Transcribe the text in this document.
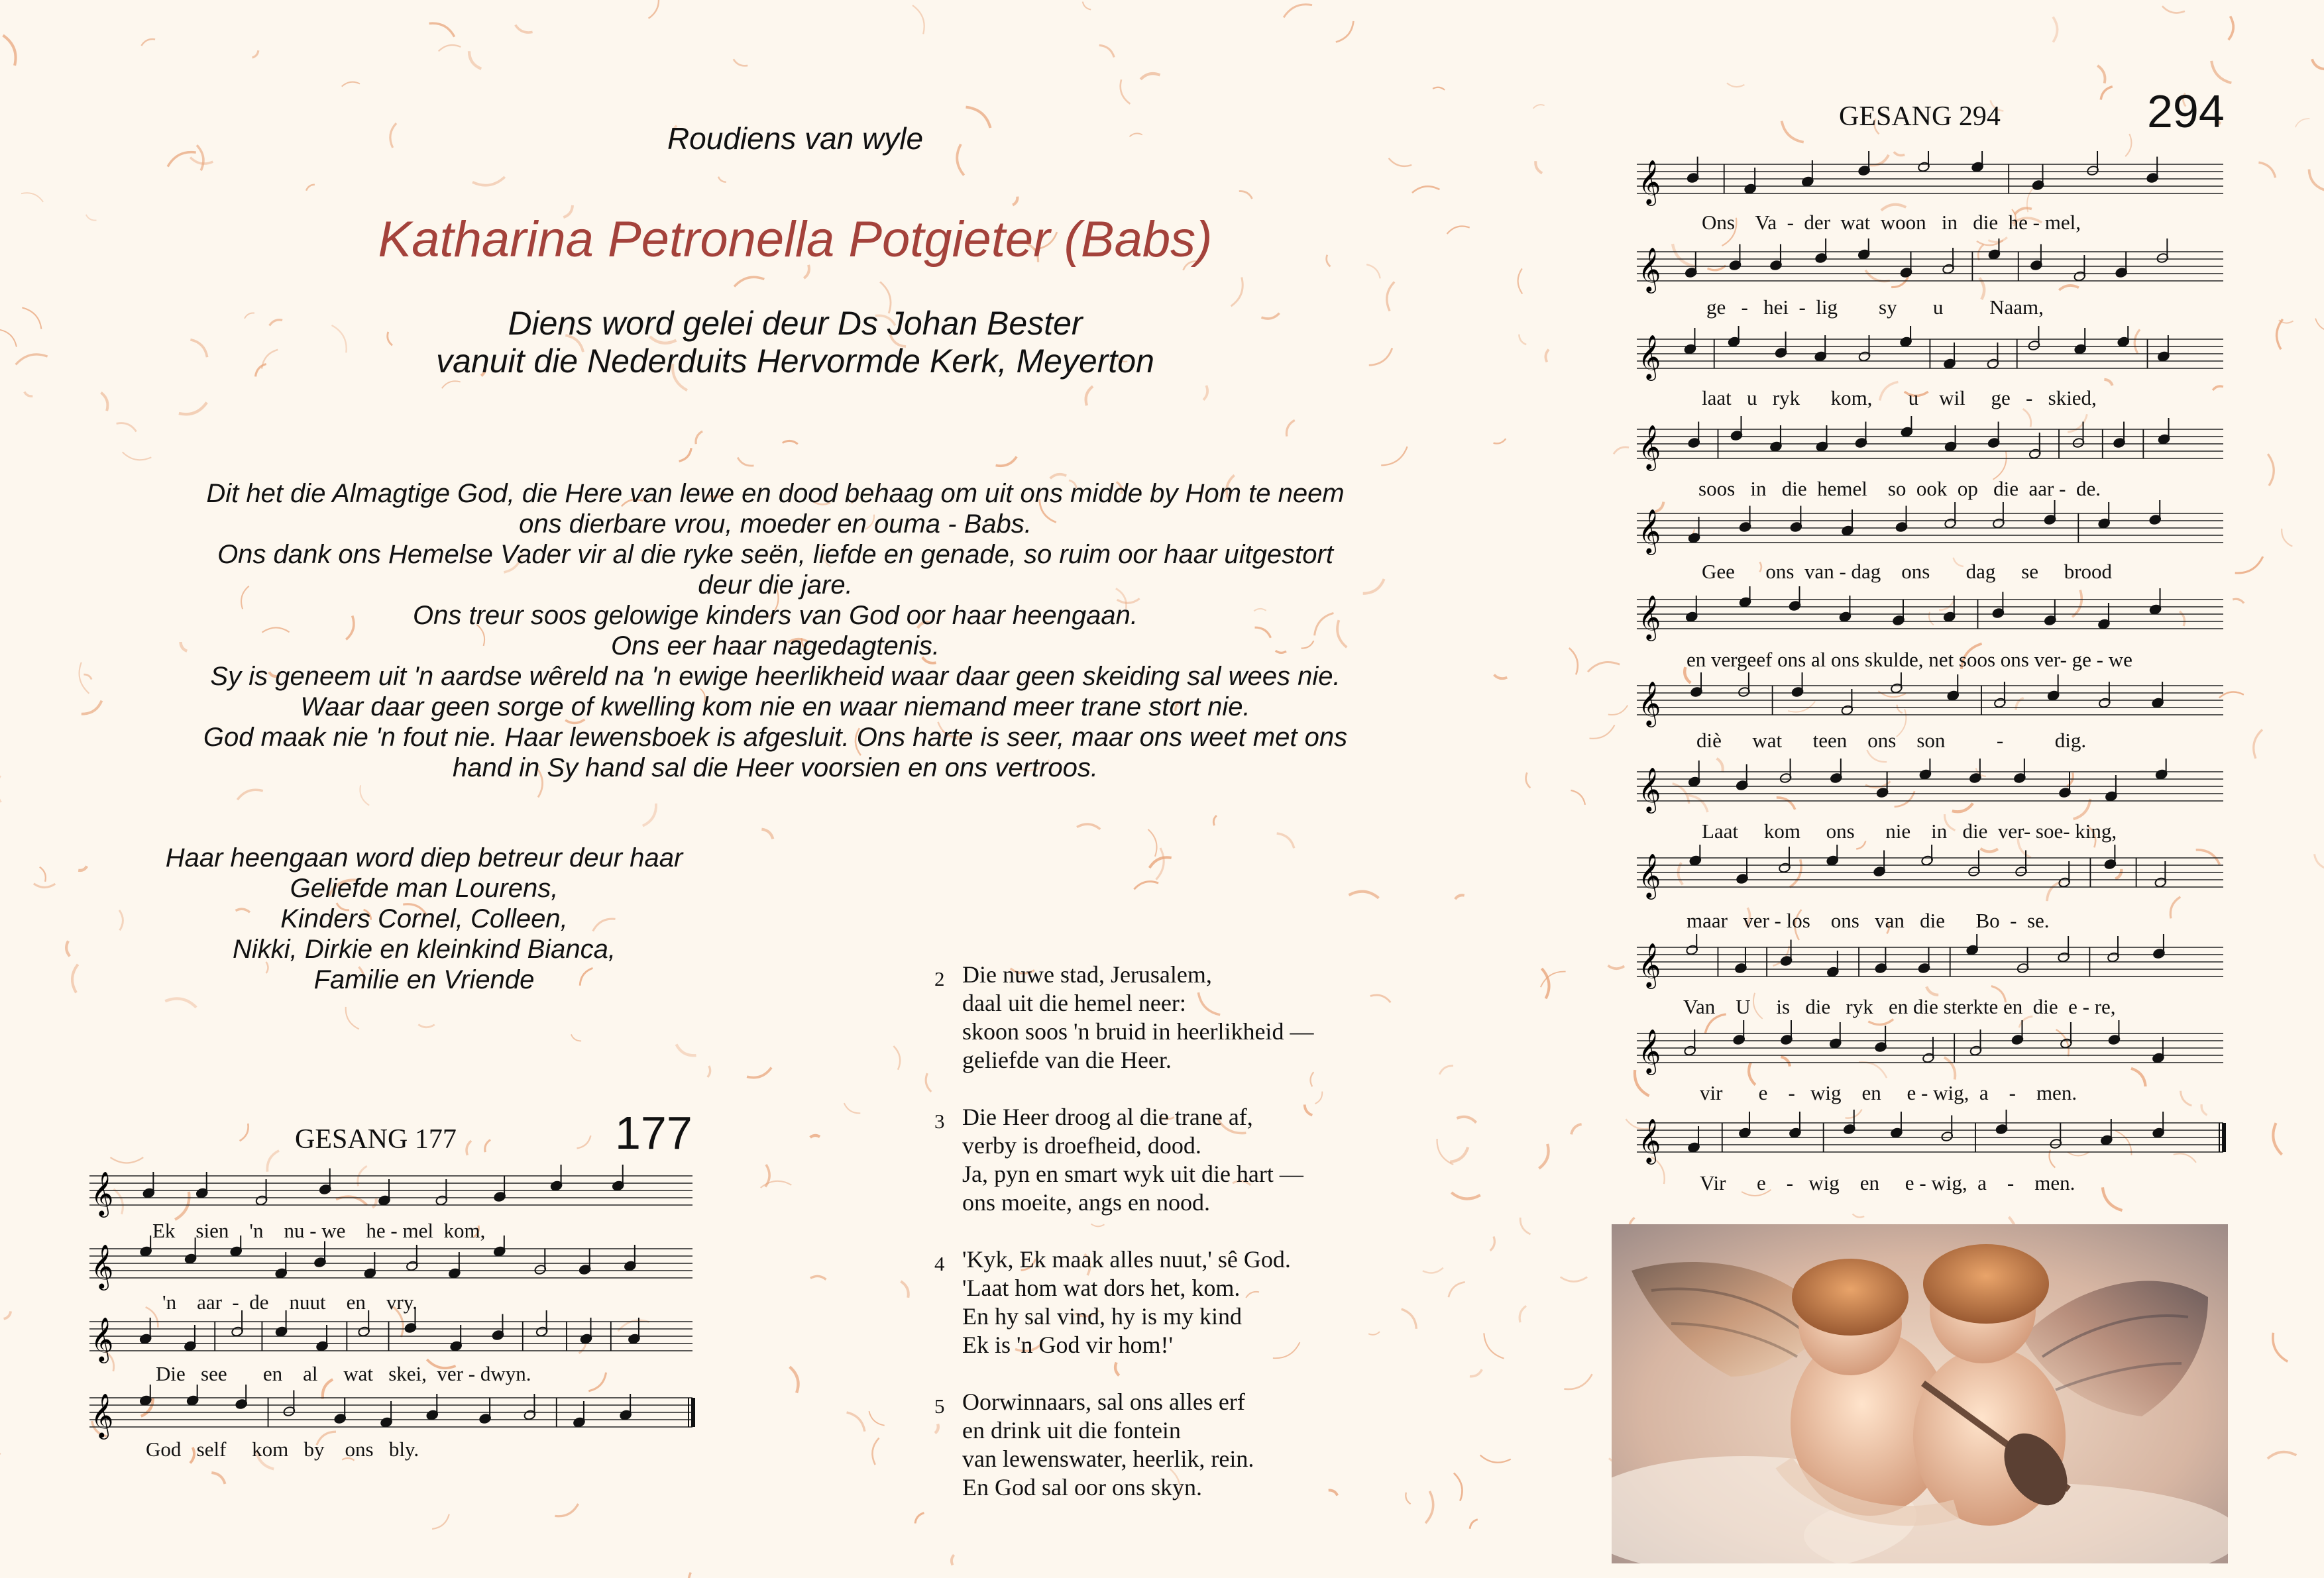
Roudiens van wyle
Katharina Petronella Potgieter (Babs)
Diens word gelei deur Ds Johan Bester
vanuit die Nederduits Hervormde Kerk, Meyerton
Dit het die Almagtige God, die Here van lewe en dood behaag om uit ons midde by Hom te neem
ons dierbare vrou, moeder en ouma - Babs.
Ons dank ons Hemelse Vader vir al die ryke seën, liefde en genade, so ruim oor haar uitgestort
deur die jare.
Ons treur soos gelowige kinders van God oor haar heengaan.
Ons eer haar nagedagtenis.
Sy is geneem uit 'n aardse wêreld na 'n ewige heerlikheid waar daar geen skeiding sal wees nie.
Waar daar geen sorge of kwelling kom nie en waar niemand meer trane stort nie.
God maak nie 'n fout nie. Haar lewensboek is afgesluit. Ons harte is seer, maar ons weet met ons
hand in Sy hand sal die Heer voorsien en ons vertroos.
Haar heengaan word diep betreur deur haar
Geliefde man Lourens,
Kinders Cornel, Colleen,
Nikki, Dirkie en kleinkind Bianca,
Familie en Vriende
GESANG 177	177
𝄞
𝄞
𝄞
𝄞
Ek    sien    'n    nu - we    he - mel  kom,
'n    aar  -  de    nuut    en    vry.
Die   see       en    al     wat   skei,  ver - dwyn.
God   self     kom   by    ons   bly.
2 Die nuwe stad, Jerusalem,
daal uit die hemel neer:
skoon soos 'n bruid in heerlikheid —
geliefde van die Heer.
3 Die Heer droog al die trane af,
verby is droefheid, dood.
Ja, pyn en smart wyk uit die hart —
ons moeite, angs en nood.
4 'Kyk, Ek maak alles nuut,' sê God.
'Laat hom wat dors het, kom.
En hy sal vind, hy is my kind
Ek is 'n God vir hom!'
5 Oorwinnaars, sal ons alles erf
en drink uit die fontein
van lewenswater, heerlik, rein.
En God sal oor ons skyn.
GESANG 294	294
𝄞
𝄞
𝄞
𝄞
𝄞
𝄞
𝄞
𝄞
𝄞
𝄞
𝄞
𝄞
Ons    Va  -  der  wat  woon   in   die  he - mel,
ge   -   hei  -  lig        sy       u         Naam,
laat   u   ryk      kom,       u    wil     ge   -   skied,
soos   in   die  hemel    so  ook  op   die  aar -  de.
Gee      ons  van - dag    ons       dag     se     brood
en vergeef ons al ons skulde, net soos ons ver- ge - we
diè      wat      teen    ons    son          -          dig.
Laat     kom     ons      nie    in   die  ver- soe- king,
maar   ver - los    ons   van   die      Bo  -  se.
Van    U     is   die   ryk   en die sterkte en  die  e - re,
vir       e    -   wig    en     e - wig,  a    -    men.
Vir      e    -   wig    en     e - wig,  a    -    men.
